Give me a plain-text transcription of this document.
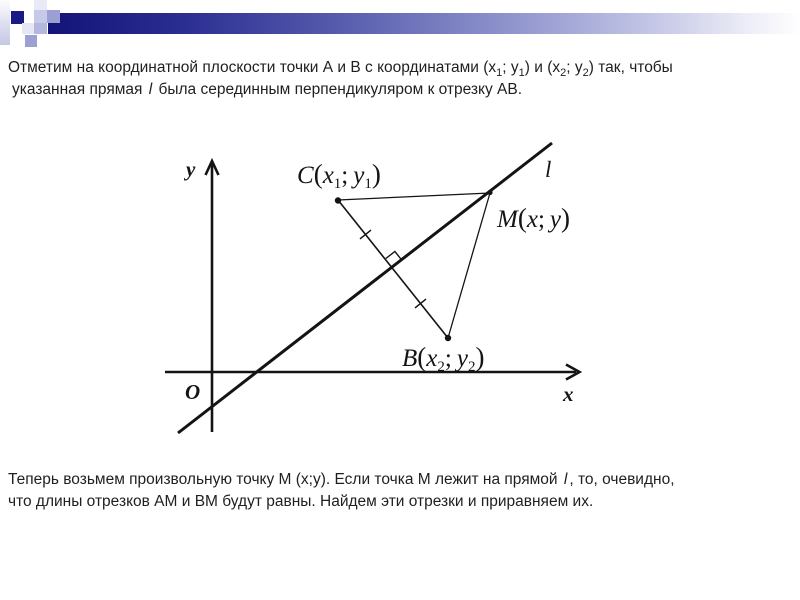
Отметим на координатной плоскости точки А и В с координатами ($x_1$; $y_1$) и ($x_2$; $y_2$) так, чтобы
указанная прямая l была серединным перпендикуляром к отрезку АВ.
y
x
O
l
$C(x_1$; $y_1$)
M(x; y)
$B(x_2$; $y_2$)
Теперь возьмем произвольную точку М (x;y). Если точка М лежит на прямой l , то, очевидно,
что длины отрезков АМ и ВМ будут равны. Найдем эти отрезки и приравняем их.
